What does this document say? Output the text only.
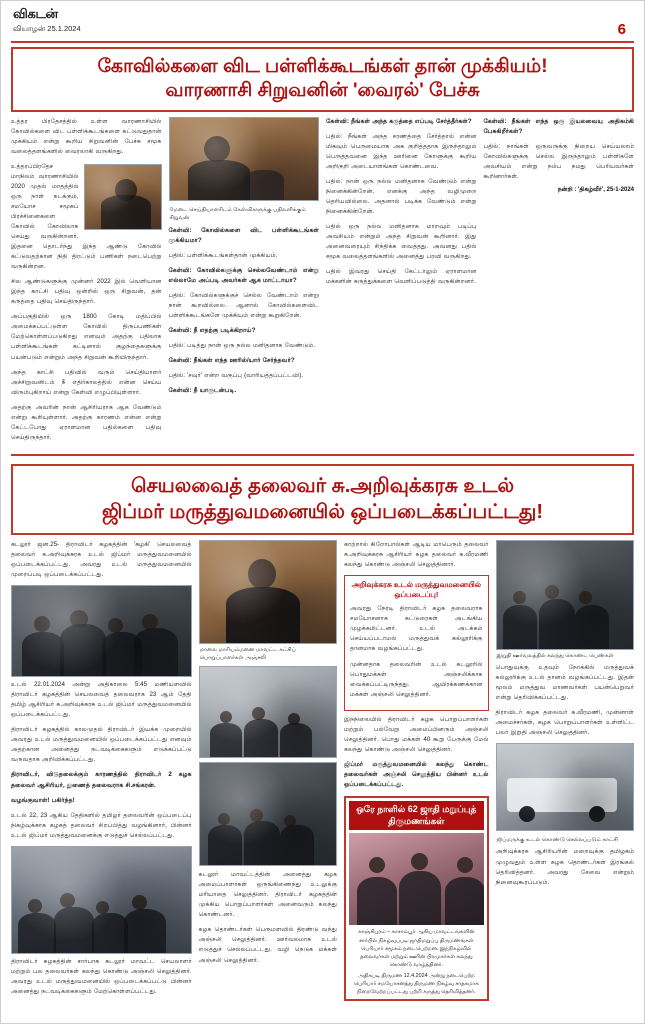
விகடன்
வியாழன் 25.1.2024	6
கோவில்களை விட பள்ளிக்கூடங்கள் தான் முக்கியம்!
வாரணாசி சிறுவனின் 'வைரல்' பேச்சு

உத்தர பிரதேசத்தில் உள்ள வாரணாசியில் கோவில்களை விட பள்ளிக்கூடங்களை கட்டுவதுதான் முக்கியம் என்று கூறிய சிறுவனின் பேச்சு சமூக வலைத்தளங்களில் வைரலாகி வருகிறது.

உத்தரப்பிரதேச மாநிலம் வாரணாசியில் 2020 முதல் மாதத்தில் ஒரு நாள் நடக்கும், சமயோச சமூகப் பிரச்சினைகளை கோவில் கோவிலாக செய்து வருகின்றனர். இதனை தொடர்ந்து இந்த ஆண்டு கோவில் கட்டுவதற்கான நிதி திரட்டும் பணிகள் நடைபெற்று வருகின்றன.

சில ஆண்டுகளுக்கு முன்னர் 2022 இல் வெளியான இந்த காட்சி பதிவு ஒன்றில் ஒரு சிறுவன், தன் கருத்தை பதிவு செய்திருந்தார்.

அப்பகுதியில் ஒரு 1800 கோடி மதிப்பில் அமைக்கப்பட்டுள்ள கோவில் திருப்பணிகள் மேற்கொள்ளப்படுகிறது எனவும் அதற்கு பதிலாக பள்ளிக்கூடங்கள் கட்டினால் குழந்தைகளுக்கு பயன்படும் என்றும் அந்த சிறுவன் கூறியிருந்தார்.

அந்த காட்சி பதிவில் வரும் செய்தியாளர் அச்சிறுவனிடம் நீ எதிர்காலத்தில் என்ன செய்ய விரும்புகிறாய் என்று கேள்வி எழுப்பியுள்ளார்.

அதற்கு அவரின் நான் ஆசிரியராக ஆக வேண்டும் என்று கூறியுள்ளார். அதற்கு காரணம் என்ன என்று கேட்டபோது ஏராளமான பதில்களை பதிவு செய்திருந்தார்.

மேடை செய்தியாளரிடம் கேள்விகளுக்கு பதிலளிக்கும் சிறுவன்

கேள்வி: கோவில்களை விட பள்ளிக்கூடங்கள் முக்கியமா?

பதில்: பள்ளிக்கூடங்கள்தான் முக்கியம்.

கேள்வி: கோவில்களுக்கு செல்லவேண்டாம் என்று எல்லாமே அப்படி அவர்கள் ஆக மாட்டாயா?

பதில்: கோவில்களுக்குச் செல்ல வேண்டாம் என்று நான் கூறவில்லை. ஆனால் கோவில்களைவிட பள்ளிக்கூடங்களே முக்கியம் என்று கூறுகிறேன்.

கேள்வி: நீ எதற்கு படிக்கிறாய்?

பதில்: படித்து நான் ஒரு நல்ல மனிதனாக வேண்டும்.

கேள்வி: நீங்கள் எந்த ஊரில்/யார் சேர்ந்தவர்?

பதில்: 'சவுர்' என்ற வகுப்பு (வாரியத்தப்பட்டவி).

கேள்வி: நீ யாருடன்படி.

கேள்வி: நீங்கள் அந்த கருத்தை எப்படி சேர்த்தீர்கள்?

பதில்: நீங்கள் அந்த சரணத்தை சேர்த்தால் என்ன மிகவும் பெருமையாக அக குறித்ததாக இருந்தாலும் பெருத்தவனை இந்த ஊரினை கோளுக்கு கூறிய அறிகுறி அடையாளங்கள் கொண்டவை.

பதில்: நான் ஒரு நல்ல மனிதனாக வேண்டும் என்று நினைக்கின்றேன். எனக்கு அந்த வழிமுறை தெரியவில்லை. அதனால் படிக்க வேண்டும் என்று நினைக்கின்றேன்.

பதில் ஒரு நல்ல மனிதனாக மாறவும் படிப்பு அவசியம் என்றும் அந்த சிறுவன் கூறினார். இது அனைவரையும் சிந்திக்க வைத்தது. அவனது பதில் சமூக வலைத்தளங்களில் அனைத்து பரவி வருகிறது.

பதில் இவரது செய்தி கேட்டாலும் ஏராளமான மக்களின் கருத்துக்களை வெளிப்படுத்தி வருகின்றனர்.

கேள்வி: நீங்கள் எந்த ஒரு இயலவையு அதிகம்கி பேசுகிறீர்கள்?

பதில்: நாங்கள் ஒருவருக்கு நிறைய செய்யலாம் கோவில்களுக்கு செல்ல இருந்தாலும் பள்ளிகளே அவசியம் என்று நம்ப நமது பெரியவர்கள் கூறினார்கள்.

நன்றி : 'திகழ்வீர்', 25-1-2024
செயலவைத் தலைவர் சு.அறிவுக்கரசு உடல்
ஜிப்மர் மருத்துவமனையில் ஒப்படைக்கப்பட்டது!

கடலூர் ஜன.25- திராவிடர் கழகத்தின் 'கழகி' செயலவைத் தலைவர் சு.அறிவுக்கரசு உடல் ஜிப்மர் மருத்துவமனையில் ஒப்படைக்கப்பட்டது. அவரது உடல் மருத்துவமனையில் முறைப்படி ஒப்படைக்கப்பட்டது.

உடல் 22.01.2024 அன்று அதிகாலை 5:45 மணியளவில் திராவிடர் கழகத்தின் செயலவைத் தலைவராக 23 ஆம் தேதி தமிழ் ஆசிரியர் சு.அறிவுக்கரசு உடல் ஜிப்மர் மருத்துவமனையில் ஒப்படைக்கப்பட்டது.

திராவிடர் கழகத்தில் காலமுதல் திராவிடர் இயக்க முறையில் அவரது உடல் மருத்துவமனையில் ஒப்படைக்கப்பட்டது எனவும் அதற்கான அனைத்து நடவடிக்கைகளும் எடுக்கப்பட்டு வருவதாக அறிவிக்கப்பட்டது.

திராவிடர், விடுதலைக்கும் காரணத்தில் திராவிடர் 2 கழக தலைவர் ஆசிரியர், துணைத் தலைவராக சி.சங்கரன்.

வழங்குவாள்! பகிர்ந்த!

உடல் 22, 23 ஆகிய தேதிகளில் தமிழர் தலைவரின் ஒப்படைப்பு நிகழ்வுக்காக கழகத் தலைவர் சிறப்பித்து வழங்கினார், பின்னர் உடல் ஜிப்மர் மருத்துவமனைக்கு எடுத்துச் செல்லப்பட்டது.

திராவிடர் கழகத்தின் சார்பாக கடலூர் மாவட்ட செயலாளர் மற்றும் பல தலைவர்கள் கலந்து கொண்டு அஞ்சலி செலுத்தினர். அவரது உடல் மருத்துவமனையில் ஒப்படைக்கப்பட்டு பின்னர் அனைத்து நடவடிக்கைகளும் மேற்கொள்ளப்பட்டது.

மாலை மாரியம்மனை மாவட்ட கட்சிப் பொறுப்பாளர்கள் அஞ்சலி

கடலூர் மாவட்டத்தின் அனைத்து கழக அமைப்பாளர்கள் ஒருங்கிணைந்து உடலுக்கு மரியாதை செலுத்தினர். திராவிடர் கழகத்தின் முக்கிய பொறுப்பாளர்கள் அனைவரும் கலந்து கொண்டனர்.

கழக தொண்டர்கள் பெருமளவில் திரண்டு வந்து அஞ்சலி செலுத்தினர். ஊர்வலமாக உடல் எடுத்துச் செல்லப்பட்டது. வழி நெடுக மக்கள் அஞ்சலி செலுத்தினர்.

காற்றால் கிறோபால்கள் ஆடிய மாபெரும் தலைவர் சு.அறிவுக்கரசு ஆசிரியர் கழக தலைவர் க.வீரமணி கலந்து கொண்டு அஞ்சலி செலுத்தினார்.

அறிவுக்கரசு உடல் மருத்துவமனையில் ஒப்படைப்பு!

அவரது நேரடி திராவிடர் கழக தலைவராக சமயோசனாக சுட்டுரைகள் அடங்கிய முழக்கமிட்டனர். உடல் அடக்கம் செய்யப்படாமல் மருத்துவக் கல்லூரிக்கு தானமாக வழங்கப்பட்டது.

முன்னதாக தலைவரின் உடல் கடலூரில் பொதுமக்கள் அஞ்சலிக்காக வைக்கப்பட்டிருந்தது. ஆயிரக்கணக்கான மக்கள் அஞ்சலி செலுத்தினர்.

இந்நிலையில் திராவிடர் கழக பொறுப்பாளர்கள் மற்றும் பல்வேறு அமைப்பினரும் அஞ்சலி செலுத்தினர். பொது மக்கள் 40 கூறு பேருக்கு மேல் கலந்து கொண்டு அஞ்சலி செலுத்தினர்.

ஜிப்மர் மருத்துவமனையில் கலந்து கொண்ட தலைவர்கள் அஞ்சலி செலுத்திய பின்னர் உடல் ஒப்படைக்கப்பட்டது.

ஒரே நாளில் 62 ஜாதி மறுப்புத் திருமணங்கள்
காஞ்சிபுரம் – காசாம்பூர் ஆகிய மாவட்டங்களின் சார்பில் நிகழ்வுப்படி ஜாதிமறுப்பு திருமணங்கள் பெரியார் சமூகம் நடைபெற்றன. இந்நிகழ்வில் தலைவர்கள் மற்றும் ஊரின் பிரமுகர்கள் கலந்து கொண்டு வாழ்த்தினர்.
அதிகபடி திருமண 12.4.2024 அன்று நடைபெற்ற பெரியார் சமயோசனத்து திருமண நிகழ்வு சாதகமாக நிறைவேற்றப்பட்டது பற்றி கருத்து தெரிவித்தனர்.
இறுதி ஊர்வலத்தில் கலந்து கொண்ட பெண்கள்

பொதுவுக்கு உதவும் நோக்கில் மருத்துவக் கல்லூரிக்கு உடல் தானம் வழங்கப்பட்டது. இதன் மூலம் மருத்துவ மாணவர்கள் பயன்பெறுவர் என்று தெரிவிக்கப்பட்டது.

திராவிடர் கழக தலைவர் க.வீரமணி, முன்னாள் அமைச்சர்கள், கழக பொறுப்பாளர்கள் உள்ளிட்ட பலர் இறுதி அஞ்சலி செலுத்தினர்.

ஜிப்மருக்கு உடல் கொண்டு செல்லப்படும் காட்சி

அறிவுக்கரசு ஆசிரியரின் மறைவுக்கு தமிழகம் முழுவதும் உள்ள கழக தொண்டர்கள் இரங்கல் தெரிவித்தனர். அவரது சேவை என்றும் நினைவுகூரப்படும்.
